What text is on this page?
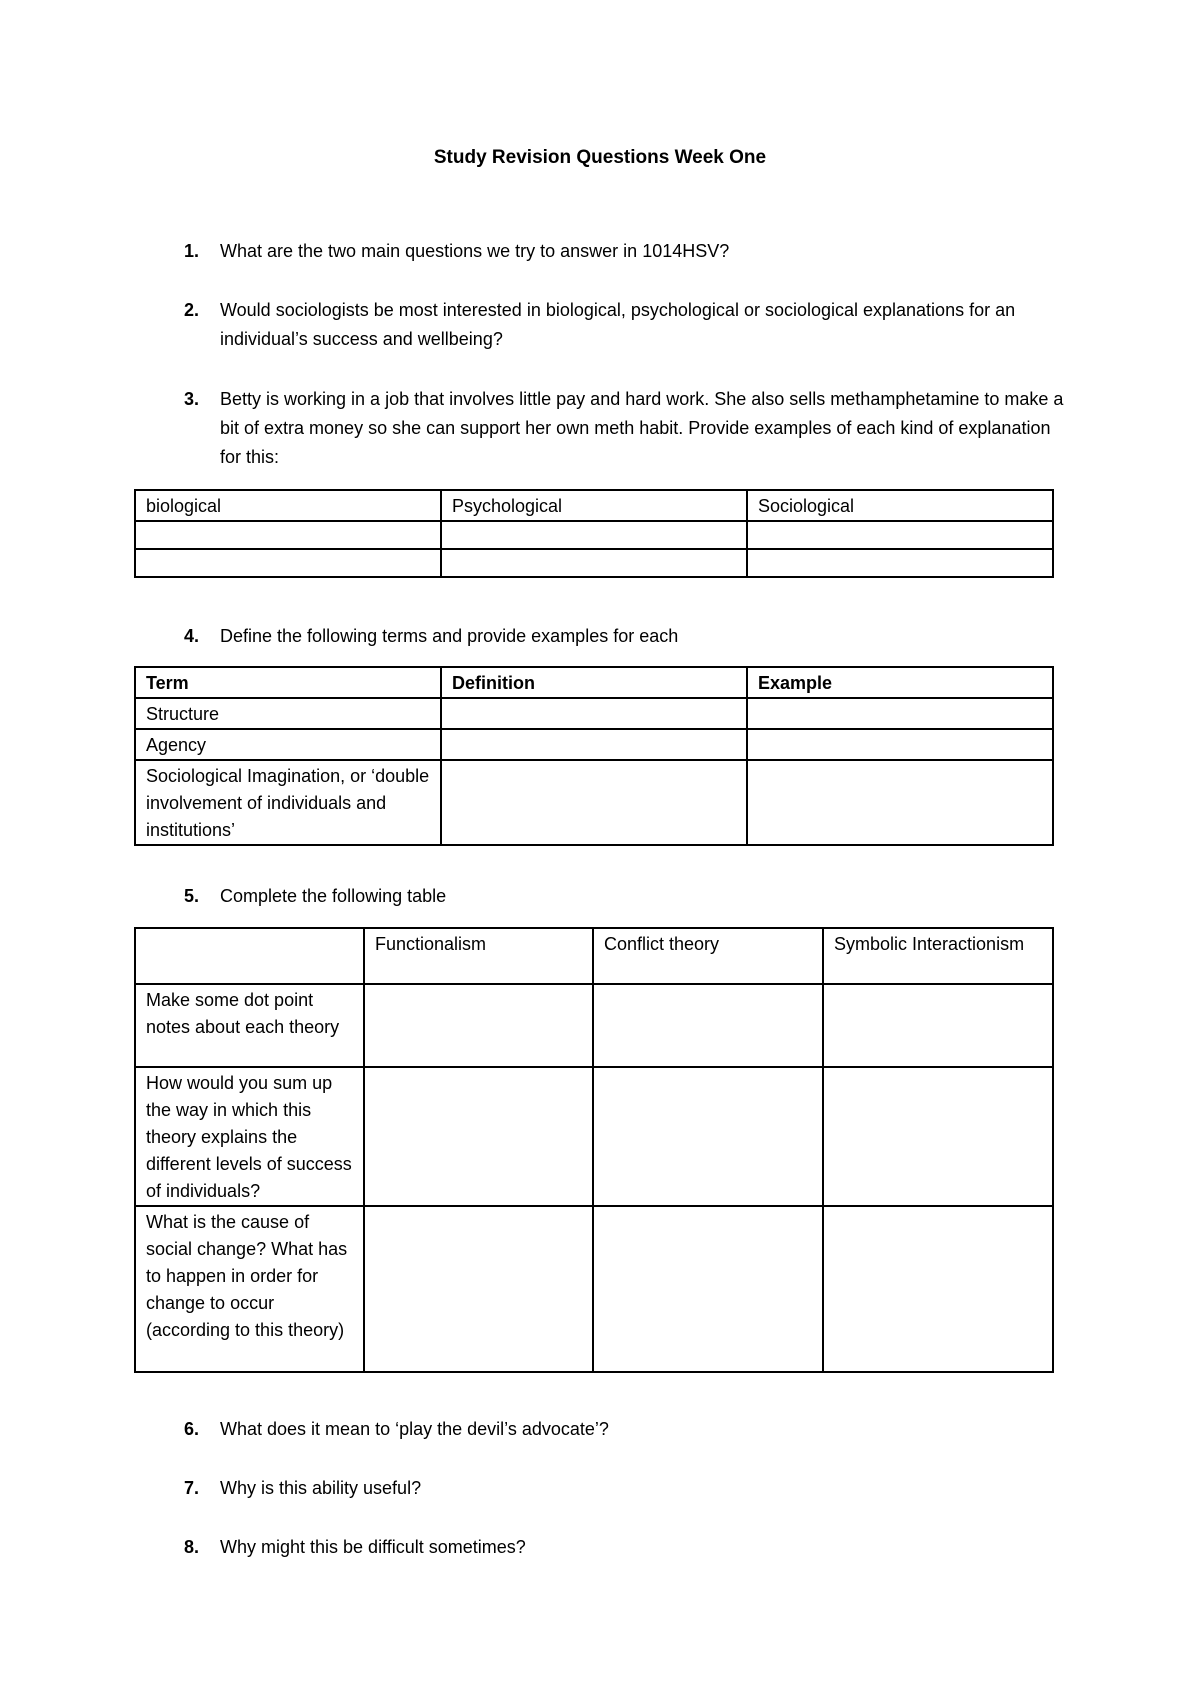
Study Revision Questions Week One
1.	What are the two main questions we try to answer in 1014HSV?
2.	Would sociologists be most interested in biological, psychological or sociological explanations for an individual’s success and wellbeing?
3.	Betty is working in a job that involves little pay and hard work. She also sells methamphetamine to make a bit of extra money so she can support her own meth habit. Provide examples of each kind of explanation for this:
biological	Psychological	Sociological

4.	Define the following terms and provide examples for each
Term	Definition	Example
Structure		
Agency		
Sociological Imagination, or ‘double involvement of individuals and institutions’		
5.	Complete the following table
	Functionalism	Conflict theory	Symbolic Interactionism
Make some dot point notes about each theory			
How would you sum up the way in which this theory explains the different levels of success of individuals?			
What is the cause of social change? What has to happen in order for change to occur (according to this theory)			
6.	What does it mean to ‘play the devil’s advocate’?
7.	Why is this ability useful?
8.	Why might this be difficult sometimes?
